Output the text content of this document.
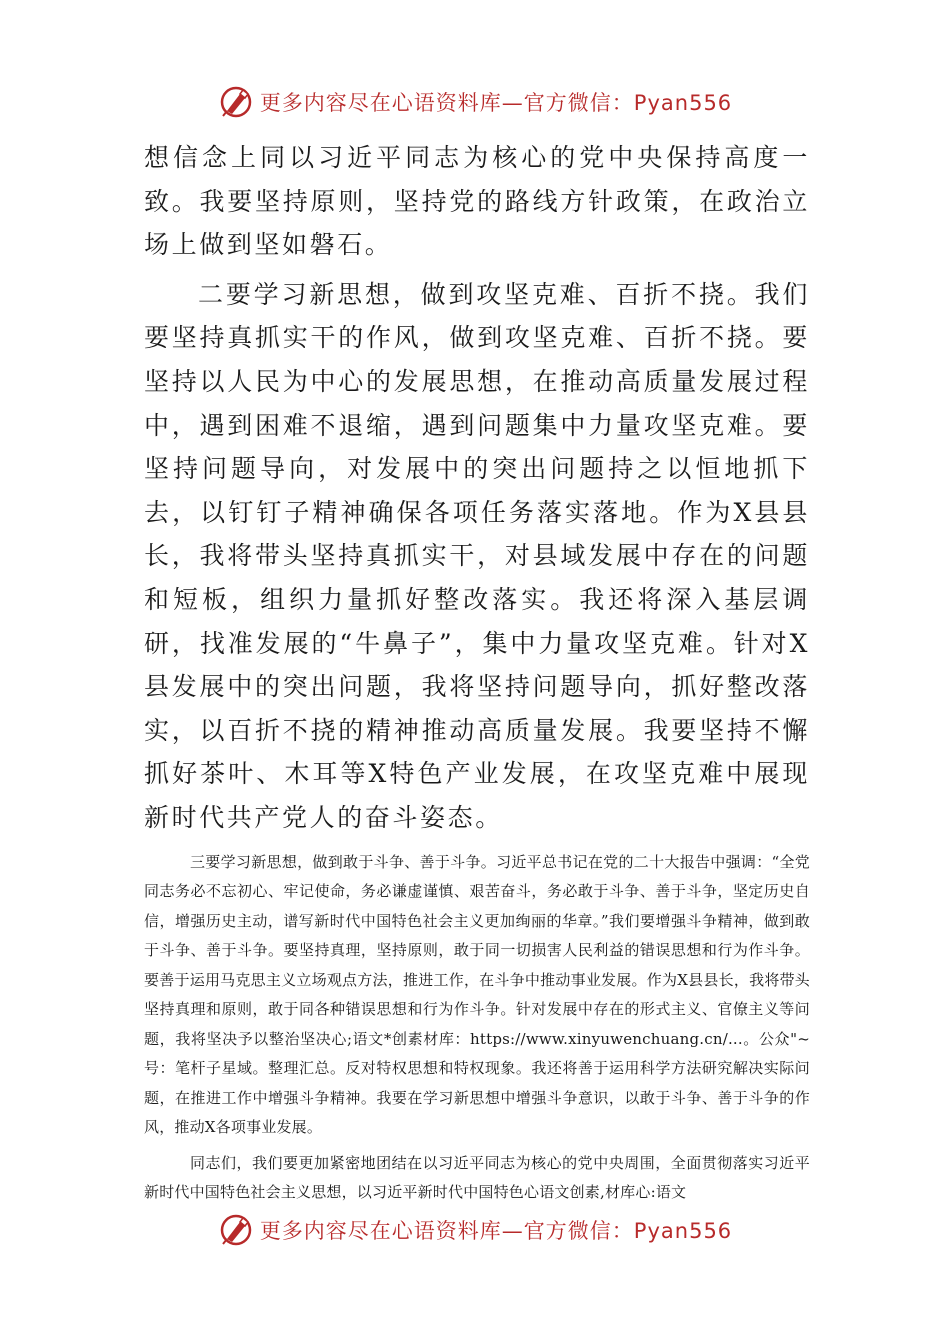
更多内容尽在心语资料库—官方微信：Pyan556

想信念上同以习近平同志为核心的党中央保持高度一致。我要坚持原则，坚持党的路线方针政策，在政治立场上做到坚如磐石。

二要学习新思想，做到攻坚克难、百折不挠。我们要坚持真抓实干的作风，做到攻坚克难、百折不挠。要坚持以人民为中心的发展思想，在推动高质量发展过程中，遇到困难不退缩，遇到问题集中力量攻坚克难。要坚持问题导向，对发展中的突出问题持之以恒地抓下去，以钉钉子精神确保各项任务落实落地。作为X县县长，我将带头坚持真抓实干，对县域发展中存在的问题和短板，组织力量抓好整改落实。我还将深入基层调研，找准发展的“牛鼻子”，集中力量攻坚克难。针对X县发展中的突出问题，我将坚持问题导向，抓好整改落实，以百折不挠的精神推动高质量发展。我要坚持不懈抓好茶叶、木耳等X特色产业发展，在攻坚克难中展现新时代共产党人的奋斗姿态。

三要学习新思想，做到敢于斗争、善于斗争。习近平总书记在党的二十大报告中强调：“全党同志务必不忘初心、牢记使命，务必谦虚谨慎、艰苦奋斗，务必敢于斗争、善于斗争，坚定历史自信，增强历史主动，谱写新时代中国特色社会主义更加绚丽的华章。”我们要增强斗争精神，做到敢于斗争、善于斗争。要坚持真理，坚持原则，敢于同一切损害人民利益的错误思想和行为作斗争。要善于运用马克思主义立场观点方法，推进工作，在斗争中推动事业发展。作为X县县长，我将带头坚持真理和原则，敢于同各种错误思想和行为作斗争。针对发展中存在的形式主义、官僚主义等问题，我将坚决予以整治坚决心;语文*创素材库：https://www.xinyuwenchuang.cn/...。公众"~号：笔杆子星域。整理汇总。反对特权思想和特权现象。我还将善于运用科学方法研究解决实际问题，在推进工作中增强斗争精神。我要在学习新思想中增强斗争意识，以敢于斗争、善于斗争的作风，推动X各项事业发展。

同志们，我们要更加紧密地团结在以习近平同志为核心的党中央周围，全面贯彻落实习近平新时代中国特色社会主义思想，以习近平新时代中国特色心语文创素,材库心:语文

更多内容尽在心语资料库—官方微信：Pyan556
